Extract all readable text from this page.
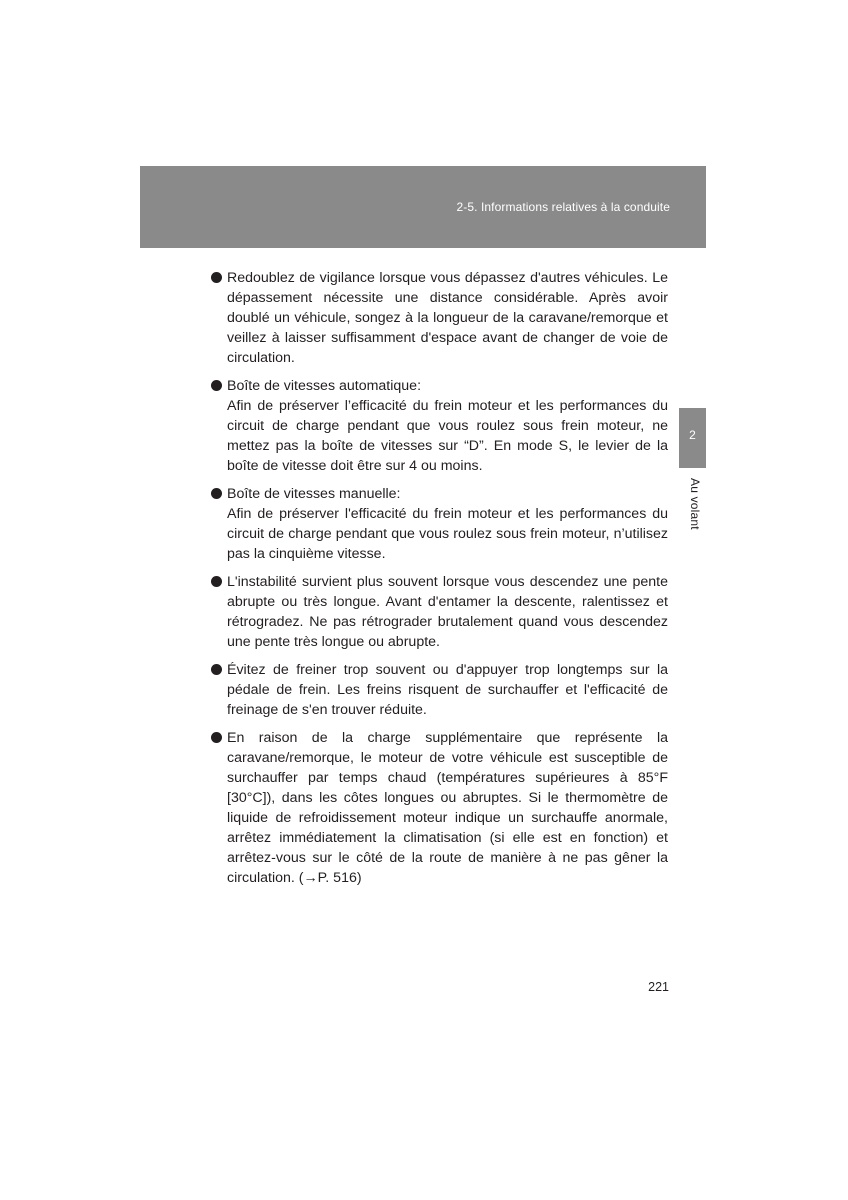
2-5. Informations relatives à la conduite
2
Au volant
Redoublez de vigilance lorsque vous dépassez d'autres véhicules. Le dépassement nécessite une distance considérable. Après avoir doublé un véhicule, songez à la longueur de la caravane/remorque et veillez à laisser suffisamment d'espace avant de changer de voie de circulation.
Boîte de vitesses automatique:
Afin de préserver l’efficacité du frein moteur et les performances du circuit de charge pendant que vous roulez sous frein moteur, ne mettez pas la boîte de vitesses sur “D”. En mode S, le levier de la boîte de vitesse doit être sur 4 ou moins.
Boîte de vitesses manuelle:
Afin de préserver l'efficacité du frein moteur et les performances du circuit de charge pendant que vous roulez sous frein moteur, n’utilisez pas la cinquième vitesse.
L'instabilité survient plus souvent lorsque vous descendez une pente abrupte ou très longue. Avant d'entamer la descente, ralentissez et rétrogradez. Ne pas rétrograder brutalement quand vous descendez une pente très longue ou abrupte.
Évitez de freiner trop souvent ou d'appuyer trop longtemps sur la pédale de frein. Les freins risquent de surchauffer et l'efficacité de freinage de s'en trouver réduite.
En raison de la charge supplémentaire que représente la caravane/remorque, le moteur de votre véhicule est susceptible de surchauffer par temps chaud (températures supérieures à 85°F [30°C]), dans les côtes longues ou abruptes. Si le thermomètre de liquide de refroidissement moteur indique un surchauffe anormale, arrêtez immédiatement la climatisation (si elle est en fonction) et arrêtez-vous sur le côté de la route de manière à ne pas gêner la circulation. (→P. 516)
221
